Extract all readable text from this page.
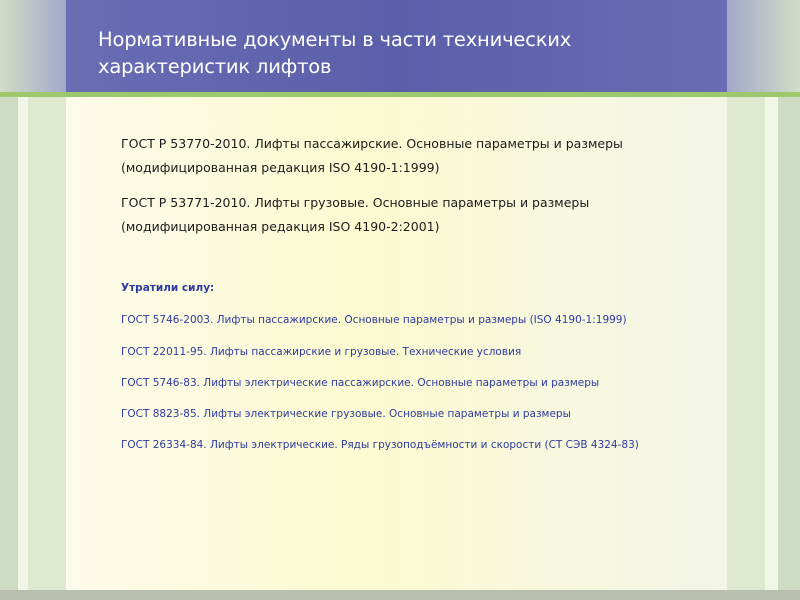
Нормативные документы в части технических характеристик лифтов
ГОСТ Р 53770-2010. Лифты пассажирские. Основные параметры и размеры
(модифицированная редакция ISO 4190-1:1999)
ГОСТ Р 53771-2010. Лифты грузовые. Основные параметры и размеры
(модифицированная редакция ISO 4190-2:2001)

Утратили силу:

ГОСТ 5746-2003. Лифты пассажирские. Основные параметры и размеры (ISO 4190-1:1999)

ГОСТ 22011-95. Лифты пассажирские и грузовые. Технические условия

ГОСТ 5746-83. Лифты электрические пассажирские. Основные параметры и размеры

ГОСТ 8823-85. Лифты электрические грузовые. Основные параметры и размеры

ГОСТ 26334-84. Лифты электрические. Ряды грузоподъёмности и скорости (СТ СЭВ 4324-83)
